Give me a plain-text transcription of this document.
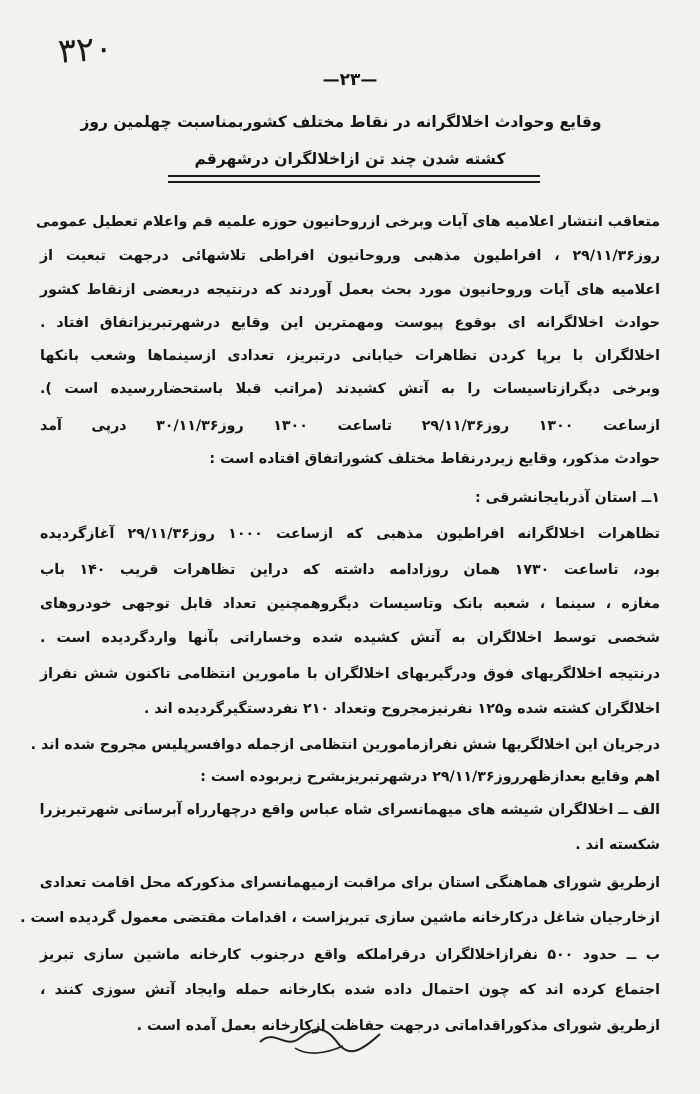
۳۲۰
—۲۳—
وقایع وحوادث اخلالگرانه در نقاط مختلف کشوربمناسبت چهلمین روز
کشته شدن چند تن ازاخلالگران درشهرقم
متعاقب انتشار اعلامیه های آیات وبرخی ازروحانیون حوزه علمیه قم واعلام تعطیل عمومی
روز۲۹/۱۱/۳۶ ، افراطیون مذهبی وروحانیون افراطی تلاشهائی درجهت تبعیت از
اعلامیه های آیات وروحانیون مورد بحث بعمل آوردند که درنتیجه دربعضی ازنقاط کشور
حوادث اخلالگرانه ای بوقوع پیوست ومهمترین این وقایع درشهرتبریزاتفاق افتاد .
اخلالگران با برپا کردن تظاهرات خیابانی درتبریز، تعدادی ازسینماها وشعب بانکها
وبرخی دیگرازتاسیسات را به آتش کشیدند (مراتب قبلا باستحضاررسیده است ).
ازساعت ۱۳۰۰ روز۲۹/۱۱/۳۶ تاساعت ۱۳۰۰ روز۳۰/۱۱/۳۶ درپی آمد
حوادث مذکور، وقایع زیردرنقاط مختلف کشوراتفاق افتاده است :
۱ــ استان آذربایجانشرقی :
تظاهرات اخلالگرانه افراطیون مذهبی که ازساعت ۱۰۰۰ روز۲۹/۱۱/۳۶ آغازگردیده
بود، تاساعت ۱۷۳۰ همان روزادامه داشته که دراین تظاهرات قریب ۱۴۰ باب
مغازه ، سینما ، شعبه بانک وتاسیسات دیگروهمچنین تعداد قابل توجهی خودروهای
شخصی توسط اخلالگران به آتش کشیده شده وخساراتی بآنها واردگردیده است .
درنتیجه اخلالگریهای فوق ودرگیریهای اخلالگران با مامورین انتظامی تاکنون شش نفراز
اخلالگران کشته شده و۱۲۵ نفرنیزمجروح وتعداد ۲۱۰ نفردستگیرگردیده اند .
درجریان این اخلالگریها شش نفرازمامورین انتظامی ازجمله دوافسرپلیس مجروح شده اند .
اهم وقایع بعدازظهرروز۲۹/۱۱/۳۶ درشهرتبریزبشرح زیربوده است :
الف ــ اخلالگران شیشه های میهمانسرای شاه عباس واقع درچهارراه آبرسانی شهرتبریزرا
شکسته اند .
ازطریق شورای هماهنگی استان برای مراقبت ازمیهمانسرای مذکورکه محل اقامت تعدادی
ازخارجیان شاغل درکارخانه ماشین سازی تبریزاست ، اقدامات مقتضی معمول گردیده است .
ب ــ حدود ۵۰۰ نفرازاخلالگران درقراملکه واقع درجنوب کارخانه ماشین سازی تبریز
اجتماع کرده اند که چون احتمال داده شده بکارخانه حمله وایجاد آتش سوزی کنند ،
ازطریق شورای مذکوراقداماتی درجهت حفاظت ازکارخانه بعمل آمده است .
